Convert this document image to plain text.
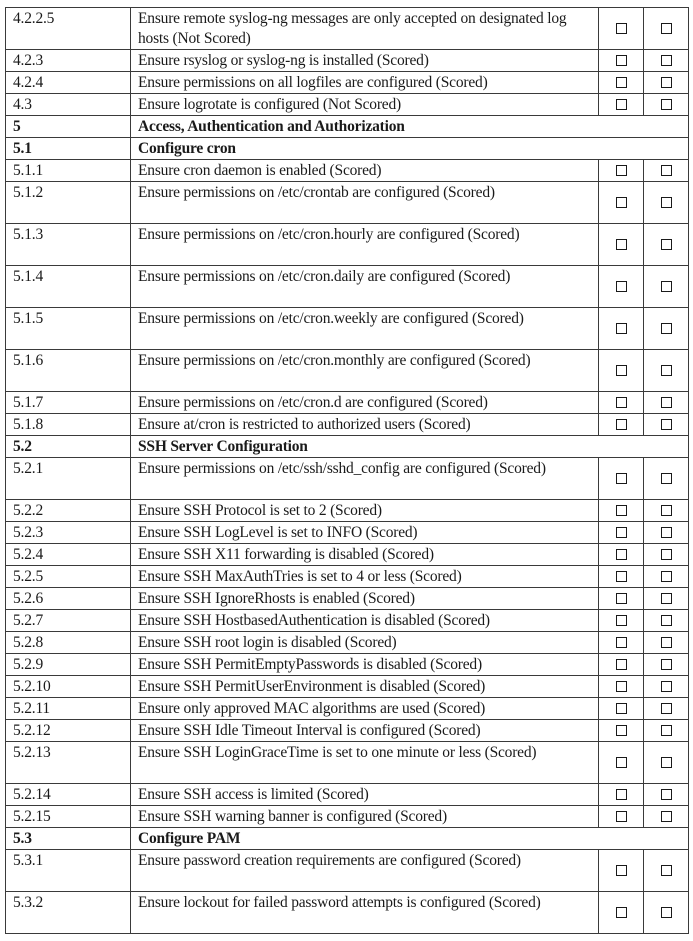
4.2.2.5	Ensure remote syslog-ng messages are only accepted on designated log hosts (Not Scored)		
4.2.3	Ensure rsyslog or syslog-ng is installed (Scored)		
4.2.4	Ensure permissions on all logfiles are configured (Scored)		
4.3	Ensure logrotate is configured (Not Scored)		
5	Access, Authentication and Authorization		
5.1	Configure cron		
5.1.1	Ensure cron daemon is enabled (Scored)		
5.1.2	Ensure permissions on /etc/crontab are configured (Scored)		
5.1.3	Ensure permissions on /etc/cron.hourly are configured (Scored)		
5.1.4	Ensure permissions on /etc/cron.daily are configured (Scored)		
5.1.5	Ensure permissions on /etc/cron.weekly are configured (Scored)		
5.1.6	Ensure permissions on /etc/cron.monthly are configured (Scored)		
5.1.7	Ensure permissions on /etc/cron.d are configured (Scored)		
5.1.8	Ensure at/cron is restricted to authorized users (Scored)		
5.2	SSH Server Configuration		
5.2.1	Ensure permissions on /etc/ssh/sshd_config are configured (Scored)		
5.2.2	Ensure SSH Protocol is set to 2 (Scored)		
5.2.3	Ensure SSH LogLevel is set to INFO (Scored)		
5.2.4	Ensure SSH X11 forwarding is disabled (Scored)		
5.2.5	Ensure SSH MaxAuthTries is set to 4 or less (Scored)		
5.2.6	Ensure SSH IgnoreRhosts is enabled (Scored)		
5.2.7	Ensure SSH HostbasedAuthentication is disabled (Scored)		
5.2.8	Ensure SSH root login is disabled (Scored)		
5.2.9	Ensure SSH PermitEmptyPasswords is disabled (Scored)		
5.2.10	Ensure SSH PermitUserEnvironment is disabled (Scored)		
5.2.11	Ensure only approved MAC algorithms are used (Scored)		
5.2.12	Ensure SSH Idle Timeout Interval is configured (Scored)		
5.2.13	Ensure SSH LoginGraceTime is set to one minute or less (Scored)		
5.2.14	Ensure SSH access is limited (Scored)		
5.2.15	Ensure SSH warning banner is configured (Scored)		
5.3	Configure PAM		
5.3.1	Ensure password creation requirements are configured (Scored)		
5.3.2	Ensure lockout for failed password attempts is configured (Scored)		
